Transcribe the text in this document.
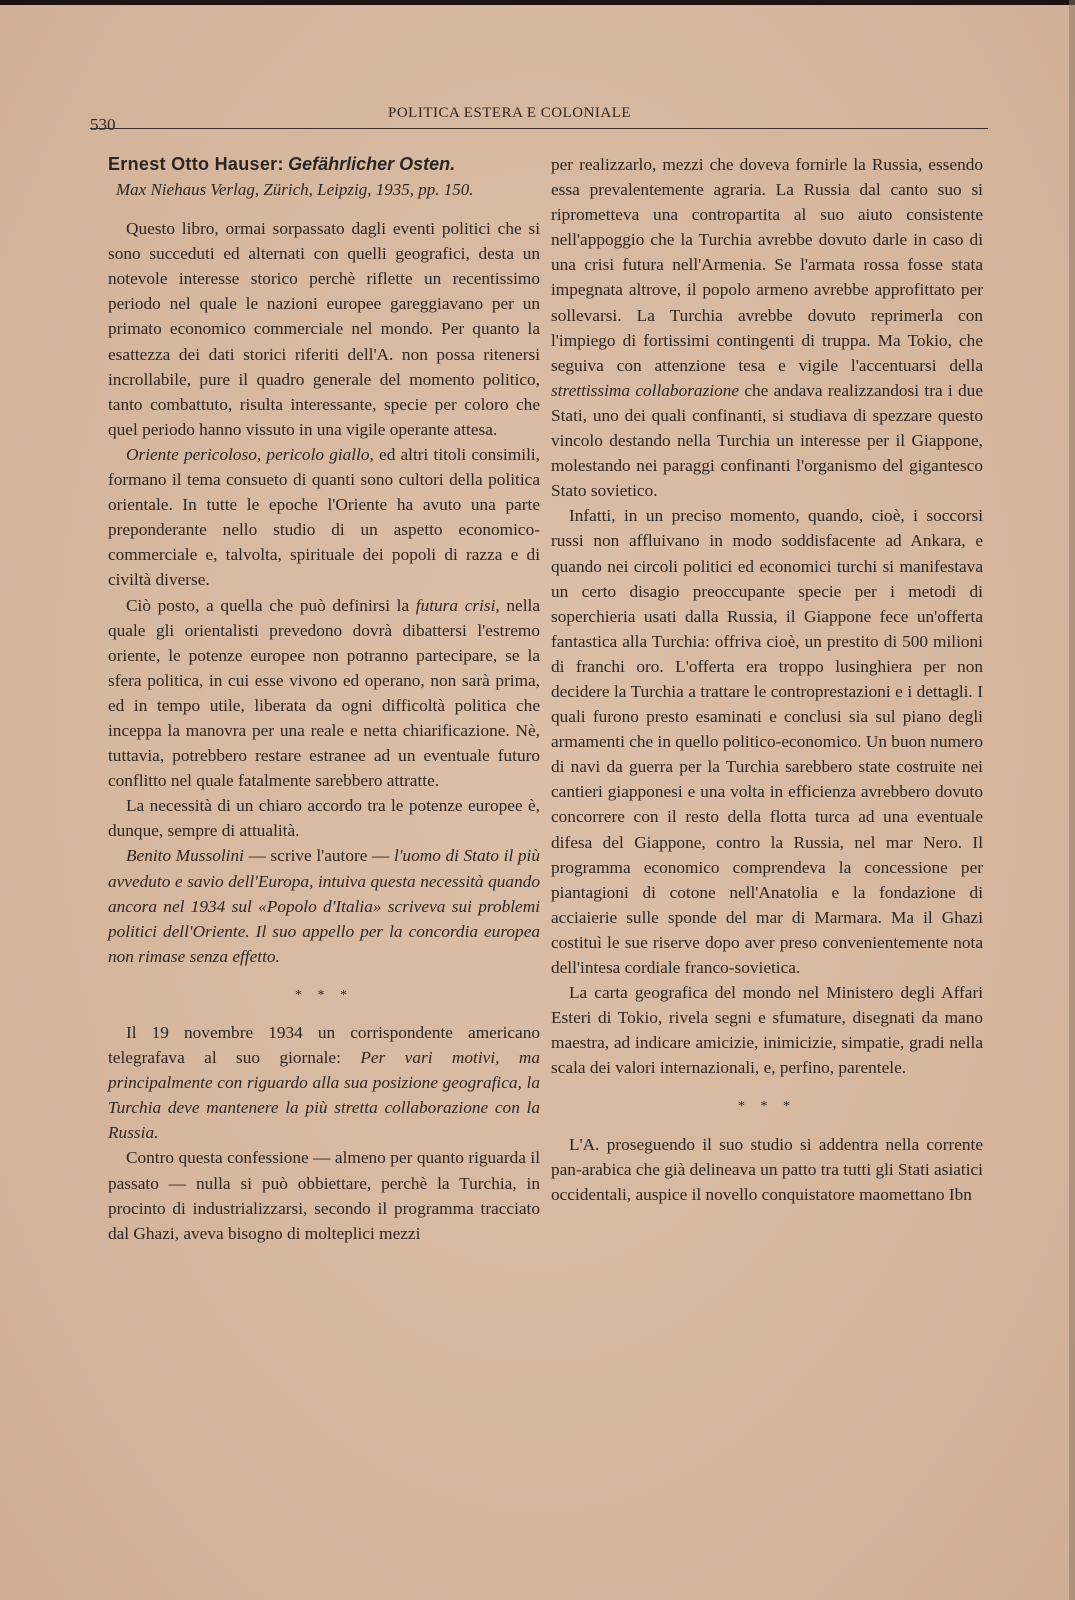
530
POLITICA ESTERA E COLONIALE
Ernest Otto Hauser: Gefährlicher Osten.
Max Niehaus Verlag, Zürich, Leipzig, 1935, pp. 150.

Questo libro, ormai sorpassato dagli eventi politici che si sono succeduti ed alternati con quelli geografici, desta un notevole interesse storico perchè riflette un recentissimo periodo nel quale le nazioni europee gareggiavano per un primato economico commerciale nel mondo. Per quanto la esattezza dei dati storici riferiti dell'A. non possa ritenersi incrollabile, pure il quadro generale del momento politico, tanto combattuto, risulta interessante, specie per coloro che quel periodo hanno vissuto in una vigile operante attesa.

Oriente pericoloso, pericolo giallo, ed altri titoli consimili, formano il tema consueto di quanti sono cultori della politica orientale. In tutte le epoche l'Oriente ha avuto una parte preponderante nello studio di un aspetto economico-commerciale e, talvolta, spirituale dei popoli di razza e di civiltà diverse.

Ciò posto, a quella che può definirsi la futura crisi, nella quale gli orientalisti prevedono dovrà dibattersi l'estremo oriente, le potenze europee non potranno partecipare, se la sfera politica, in cui esse vivono ed operano, non sarà prima, ed in tempo utile, liberata da ogni difficoltà politica che inceppa la manovra per una reale e netta chiarificazione. Nè, tuttavia, potrebbero restare estranee ad un eventuale futuro conflitto nel quale fatalmente sarebbero attratte.

La necessità di un chiaro accordo tra le potenze europee è, dunque, sempre di attualità.

Benito Mussolini — scrive l'autore — l'uomo di Stato il più avveduto e savio dell'Europa, intuiva questa necessità quando ancora nel 1934 sul «Popolo d'Italia» scriveva sui problemi politici dell'Oriente. Il suo appello per la concordia europea non rimase senza effetto.

* * *

Il 19 novembre 1934 un corrispondente americano telegrafava al suo giornale: Per vari motivi, ma principalmente con riguardo alla sua posizione geografica, la Turchia deve mantenere la più stretta collaborazione con la Russia.

Contro questa confessione — almeno per quanto riguarda il passato — nulla si può obbiettare, perchè la Turchia, in procinto di industrializzarsi, secondo il programma tracciato dal Ghazi, aveva bisogno di molteplici mezzi

per realizzarlo, mezzi che doveva fornirle la Russia, essendo essa prevalentemente agraria. La Russia dal canto suo si riprometteva una contropartita al suo aiuto consistente nell'appoggio che la Turchia avrebbe dovuto darle in caso di una crisi futura nell'Armenia. Se l'armata rossa fosse stata impegnata altrove, il popolo armeno avrebbe approfittato per sollevarsi. La Turchia avrebbe dovuto reprimerla con l'impiego di fortissimi contingenti di truppa. Ma Tokio, che seguiva con attenzione tesa e vigile l'accentuarsi della strettissima collaborazione che andava realizzandosi tra i due Stati, uno dei quali confinanti, si studiava di spezzare questo vincolo destando nella Turchia un interesse per il Giappone, molestando nei paraggi confinanti l'organismo del gigantesco Stato sovietico.

Infatti, in un preciso momento, quando, cioè, i soccorsi russi non affluivano in modo soddisfacente ad Ankara, e quando nei circoli politici ed economici turchi si manifestava un certo disagio preoccupante specie per i metodi di soperchieria usati dalla Russia, il Giappone fece un'offerta fantastica alla Turchia: offriva cioè, un prestito di 500 milioni di franchi oro. L'offerta era troppo lusinghiera per non decidere la Turchia a trattare le controprestazioni e i dettagli. I quali furono presto esaminati e conclusi sia sul piano degli armamenti che in quello politico-economico. Un buon numero di navi da guerra per la Turchia sarebbero state costruite nei cantieri giapponesi e una volta in efficienza avrebbero dovuto concorrere con il resto della flotta turca ad una eventuale difesa del Giappone, contro la Russia, nel mar Nero. Il programma economico comprendeva la concessione per piantagioni di cotone nell'Anatolia e la fondazione di acciaierie sulle sponde del mar di Marmara. Ma il Ghazi costituì le sue riserve dopo aver preso convenientemente nota dell'intesa cordiale franco-sovietica.

La carta geografica del mondo nel Ministero degli Affari Esteri di Tokio, rivela segni e sfumature, disegnati da mano maestra, ad indicare amicizie, inimicizie, simpatie, gradi nella scala dei valori internazionali, e, perfino, parentele.

* * *

L'A. proseguendo il suo studio si addentra nella corrente pan-arabica che già delineava un patto tra tutti gli Stati asiatici occidentali, auspice il novello conquistatore maomettano Ibn
